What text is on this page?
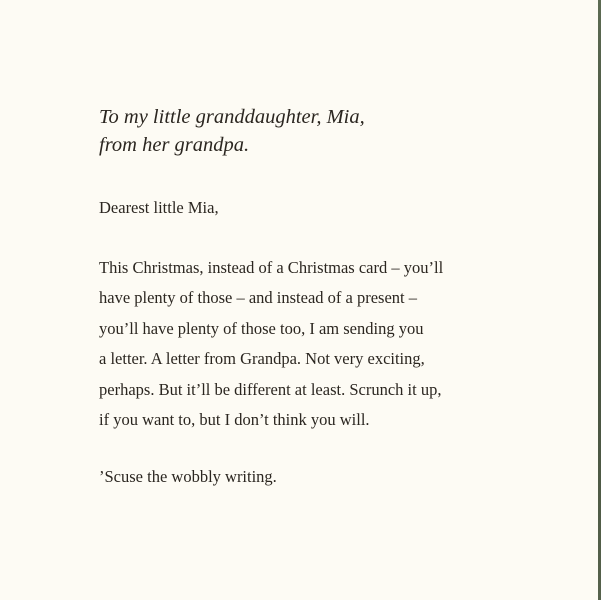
To my little granddaughter, Mia,
from her grandpa.

Dearest little Mia,

This Christmas, instead of a Christmas card – you’ll
have plenty of those – and instead of a present –
you’ll have plenty of those too, I am sending you
a letter. A letter from Grandpa. Not very exciting,
perhaps. But it’ll be different at least. Scrunch it up,
if you want to, but I don’t think you will.

’Scuse the wobbly writing.
